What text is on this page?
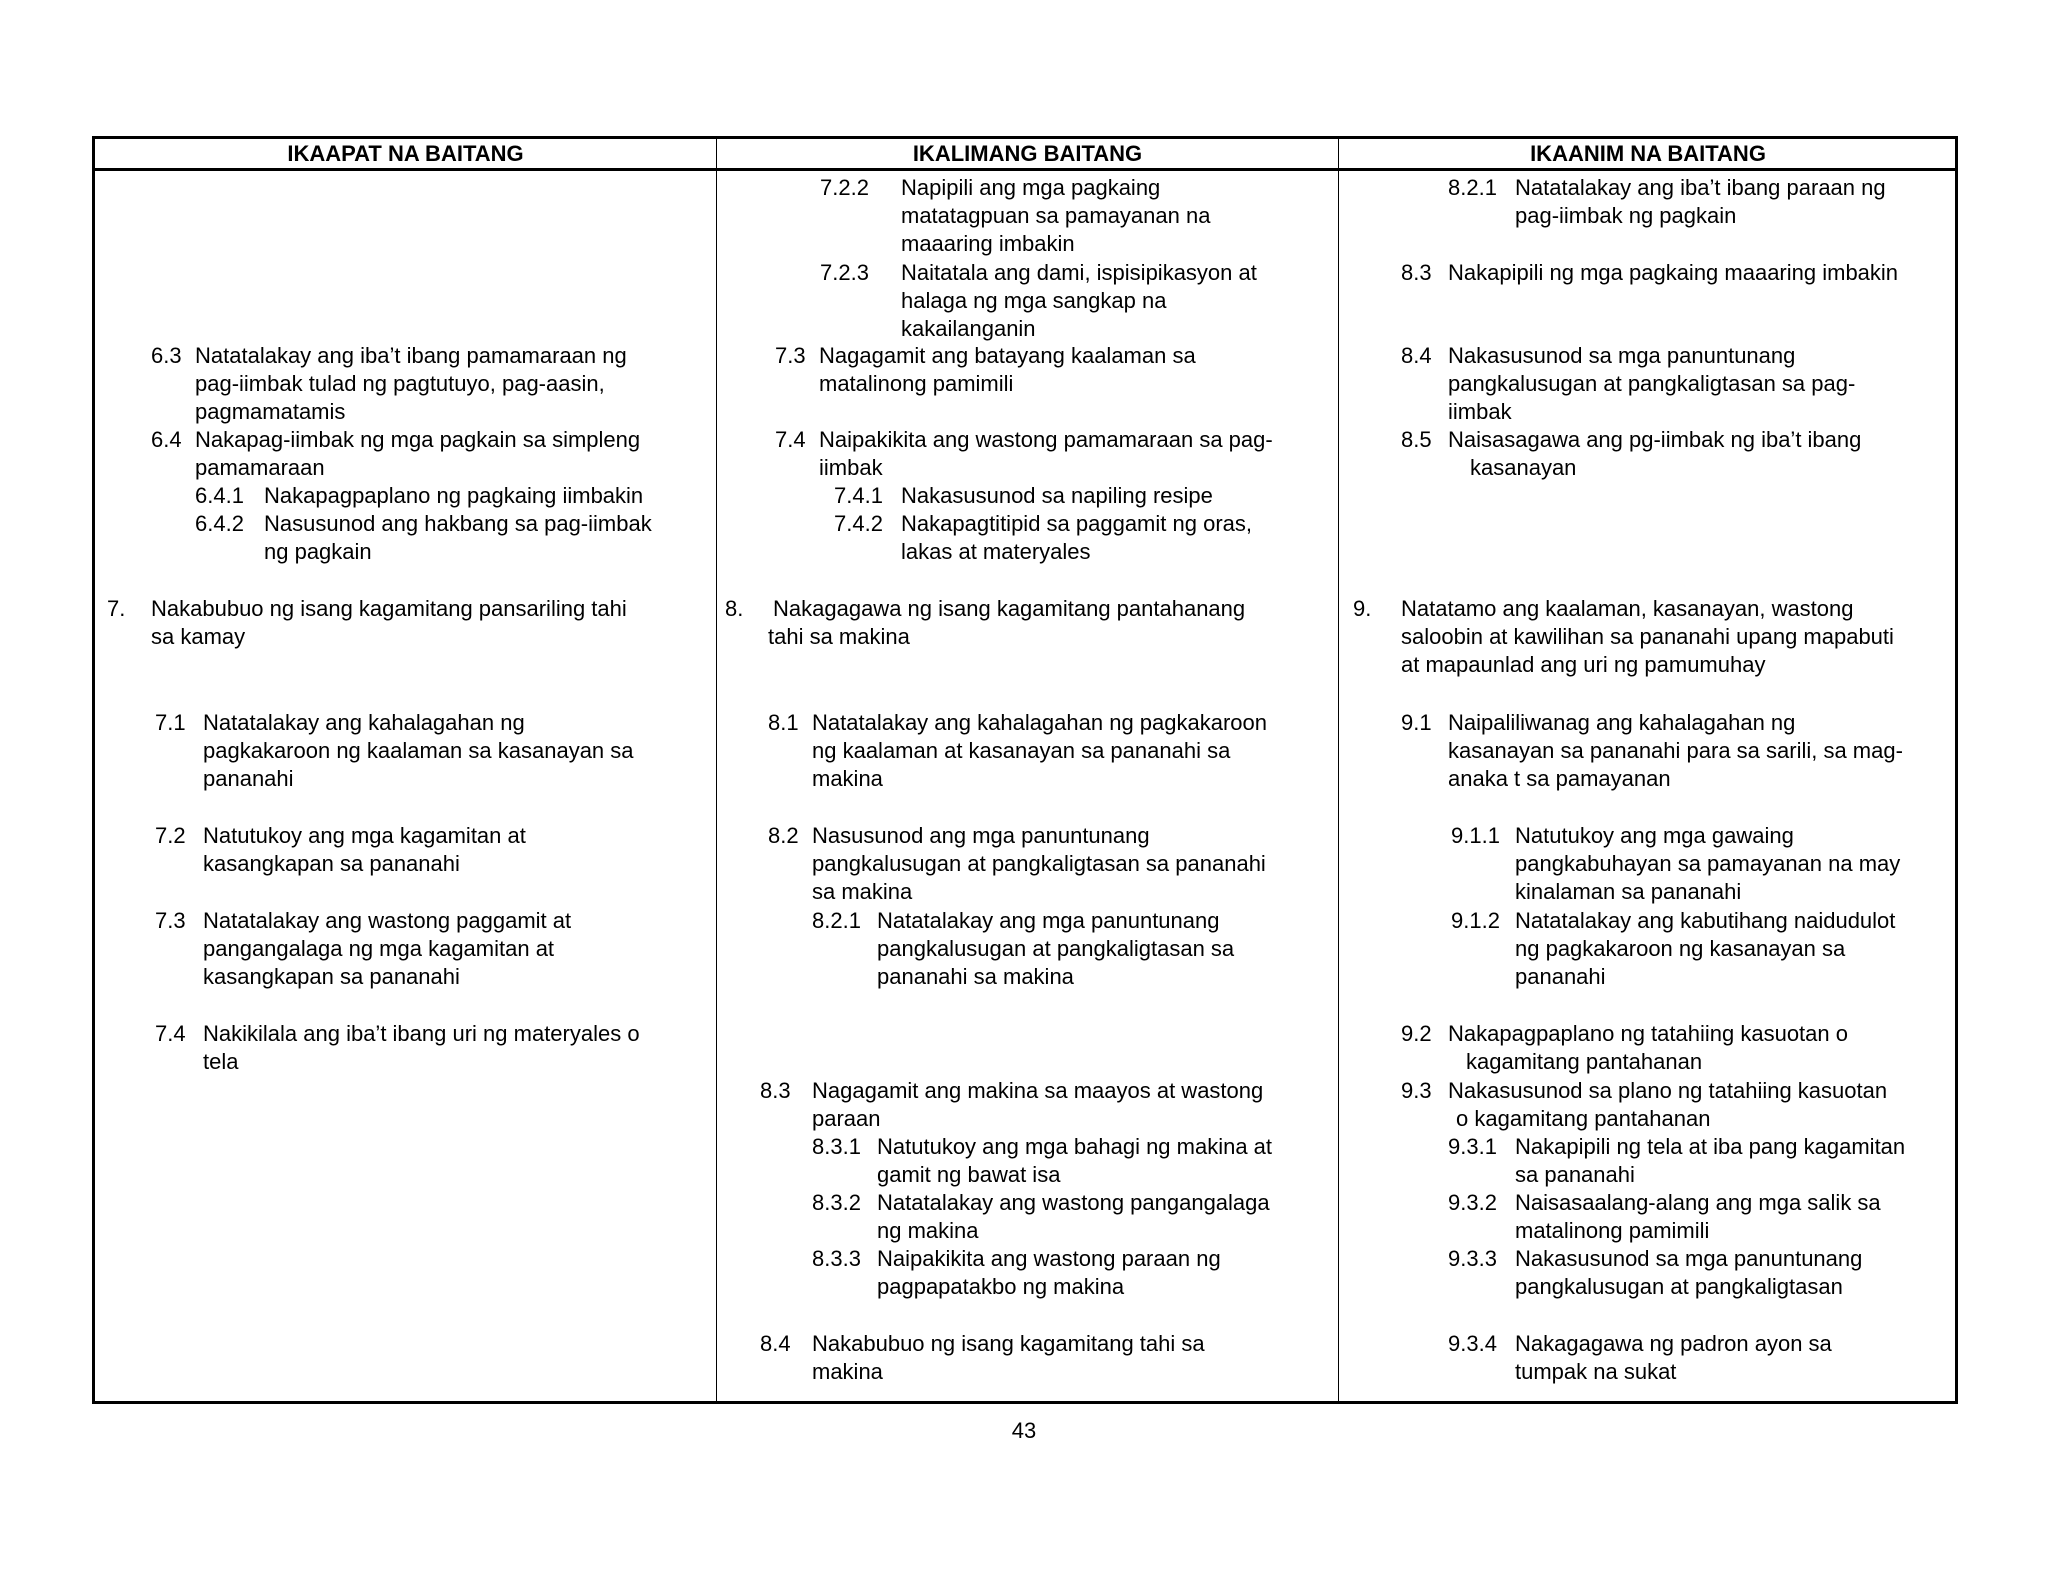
IKAAPAT NA BAITANG	IKALIMANG BAITANG	IKAANIM NA BAITANG
6.3 Natatalakay ang iba’t ibang pamamaraan ng
pag-iimbak tulad ng pagtutuyo, pag-aasin,
pagmamatamis
6.4 Nakapag-iimbak ng mga pagkain sa simpleng
pamamaraan
6.4.1 Nakapagpaplano ng pagkaing iimbakin
6.4.2 Nasusunod ang hakbang sa pag-iimbak
ng pagkain
7. Nakabubuo ng isang kagamitang pansariling tahi
sa kamay
7.1 Natatalakay ang kahalagahan ng
pagkakaroon ng kaalaman sa kasanayan sa
pananahi
7.2 Natutukoy ang mga kagamitan at
kasangkapan sa pananahi
7.3 Natatalakay ang wastong paggamit at
pangangalaga ng mga kagamitan at
kasangkapan sa pananahi
7.4 Nakikilala ang iba’t ibang uri ng materyales o
tela
7.2.2 Napipili ang mga pagkaing
matatagpuan sa pamayanan na
maaaring imbakin
7.2.3 Naitatala ang dami, ispisipikasyon at
halaga ng mga sangkap na
kakailanganin
7.3 Nagagamit ang batayang kaalaman sa
matalinong pamimili
7.4 Naipakikita ang wastong pamamaraan sa pag-
iimbak
7.4.1 Nakasusunod sa napiling resipe
7.4.2 Nakapagtitipid sa paggamit ng oras,
lakas at materyales
8. Nakagagawa ng isang kagamitang pantahanang
tahi sa makina
8.1 Natatalakay ang kahalagahan ng pagkakaroon
ng kaalaman at kasanayan sa pananahi sa
makina
8.2 Nasusunod ang mga panuntunang
pangkalusugan at pangkaligtasan sa pananahi
sa makina
8.2.1 Natatalakay ang mga panuntunang
pangkalusugan at pangkaligtasan sa
pananahi sa makina
8.3 Nagagamit ang makina sa maayos at wastong
paraan
8.3.1 Natutukoy ang mga bahagi ng makina at
gamit ng bawat isa
8.3.2 Natatalakay ang wastong pangangalaga
ng makina
8.3.3 Naipakikita ang wastong paraan ng
pagpapatakbo ng makina
8.4 Nakabubuo ng isang kagamitang tahi sa
makina
8.2.1 Natatalakay ang iba’t ibang paraan ng
pag-iimbak ng pagkain
8.3 Nakapipili ng mga pagkaing maaaring imbakin
8.4 Nakasusunod sa mga panuntunang
pangkalusugan at pangkaligtasan sa pag-
iimbak
8.5 Naisasagawa ang pg-iimbak ng iba’t ibang
kasanayan
9. Natatamo ang kaalaman, kasanayan, wastong
saloobin at kawilihan sa pananahi upang mapabuti
at mapaunlad ang uri ng pamumuhay
9.1 Naipaliliwanag ang kahalagahan ng
kasanayan sa pananahi para sa sarili, sa mag-
anaka t sa pamayanan
9.1.1 Natutukoy ang mga gawaing
pangkabuhayan sa pamayanan na may
kinalaman sa pananahi
9.1.2 Natatalakay ang kabutihang naidudulot
ng pagkakaroon ng kasanayan sa
pananahi
9.2 Nakapagpaplano ng tatahiing kasuotan o
kagamitang pantahanan
9.3 Nakasusunod sa plano ng tatahiing kasuotan
o kagamitang pantahanan
9.3.1 Nakapipili ng tela at iba pang kagamitan
sa pananahi
9.3.2 Naisasaalang-alang ang mga salik sa
matalinong pamimili
9.3.3 Nakasusunod sa mga panuntunang
pangkalusugan at pangkaligtasan
9.3.4 Nakagagawa ng padron ayon sa
tumpak na sukat
43
